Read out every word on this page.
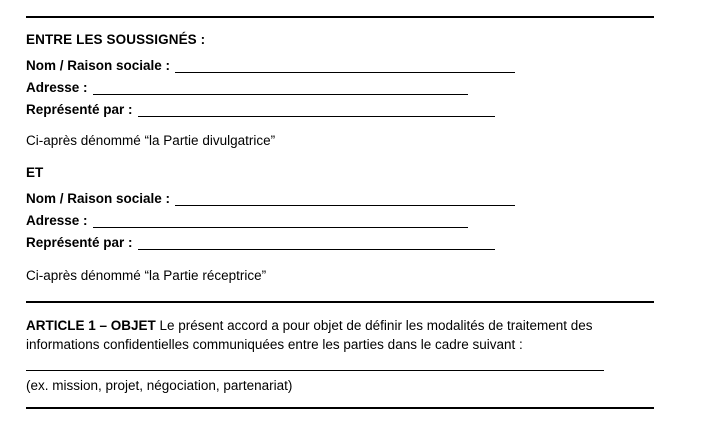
ENTRE LES SOUSSIGNÉS :
Nom / Raison sociale :
Adresse :
Représenté par :
Ci-après dénommé “la Partie divulgatrice”
ET
Nom / Raison sociale :
Adresse :
Représenté par :
Ci-après dénommé “la Partie réceptrice”
ARTICLE 1 – OBJET Le présent accord a pour objet de définir les modalités de traitement des informations confidentielles communiquées entre les parties dans le cadre suivant :
(ex. mission, projet, négociation, partenariat)
